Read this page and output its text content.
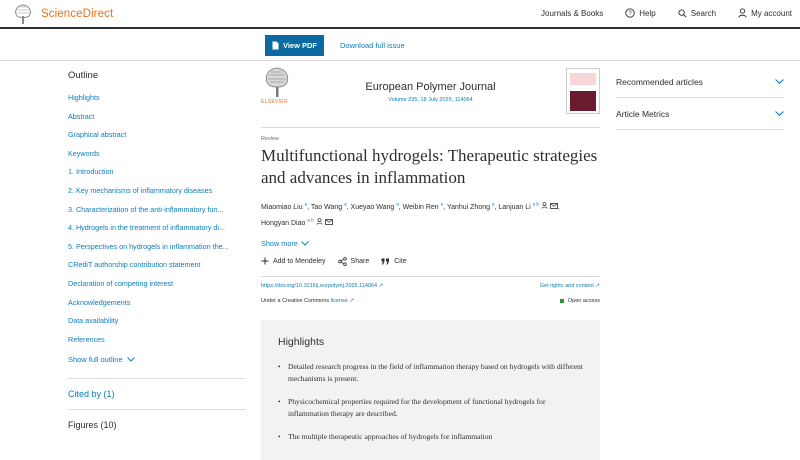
ScienceDirect	Journals & Books	? Help	Search	My account
View PDF	Download full issue
Outline
Highlights
Abstract
Graphical abstract
Keywords
1. Introduction
2. Key mechanisms of inflammatory diseases
3. Characterization of the anti-inflammatory fun...
4. Hydrogels in the treatment of inflammatory di...
5. Perspectives on hydrogels in inflammation the...
CRediT authorship contribution statement
Declaration of competing interest
Acknowledgements
Data availability
References
Show full outline
Cited by (1)
Figures (10)
ELSEVIER
European Polymer Journal
Volume 235, 18 July 2025, 114064
Review
Multifunctional hydrogels: Therapeutic strategies and advances in inflammation
Miaomiao Liu $^a$, Tao Wang $^a$, Xueyao Wang $^a$, Weibin Ren $^a$, Yanhui Zhong $^a$, Lanjuan Li $^{a b}$	, Hongyan Diao $^{a b}$
Show more
Add to Mendeley	Share	Cite
https://doi.org/10.1016/j.eurpolymj.2025.114064 ↗	Get rights and content ↗
Under a Creative Commons license ↗	Open access
Highlights
• Detailed research progress in the field of inflammation therapy based on hydrogels with different mechanisms is present.
• Physicochemical properties required for the development of functional hydrogels for inflammation therapy are described.
• The multiple therapeutic approaches of hydrogels for inflammation
Recommended articles
Article Metrics
